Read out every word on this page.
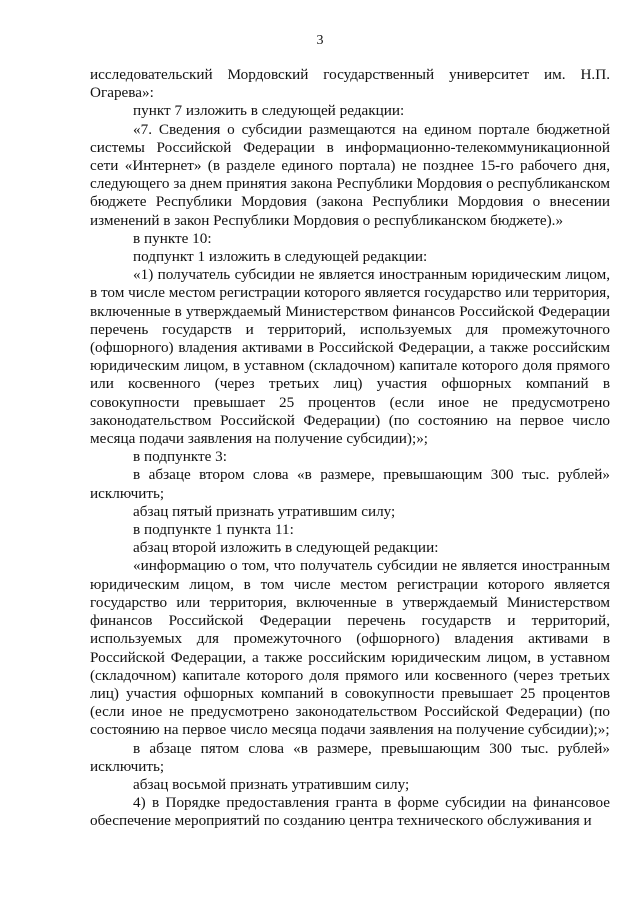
3

исследовательский Мордовский государственный университет им. Н.П. Огарева»:

пункт 7 изложить в следующей редакции:

«7. Сведения о субсидии размещаются на едином портале бюджетной системы Российской Федерации в информационно-телекоммуникационной сети «Интернет» (в разделе единого портала) не позднее 15-го рабочего дня, следующего за днем принятия закона Республики Мордовия о республиканском бюджете Республики Мордовия (закона Республики Мордовия о внесении изменений в закон Республики Мордовия о республиканском бюджете).»

в пункте 10:

подпункт 1 изложить в следующей редакции:

«1) получатель субсидии не является иностранным юридическим лицом, в том числе местом регистрации которого является государство или территория, включенные в утверждаемый Министерством финансов Российской Федерации перечень государств и территорий, используемых для промежуточного (офшорного) владения активами в Российской Федерации, а также российским юридическим лицом, в уставном (складочном) капитале которого доля прямого или косвенного (через третьих лиц) участия офшорных компаний в совокупности превышает 25 процентов (если иное не предусмотрено законодательством Российской Федерации) (по состоянию на первое число месяца подачи заявления на получение субсидии);»;

в подпункте 3:

в абзаце втором слова «в размере, превышающим 300 тыс. рублей» исключить;

абзац пятый признать утратившим силу;

в подпункте 1 пункта 11:

абзац второй изложить в следующей редакции:

«информацию о том, что получатель субсидии не является иностранным юридическим лицом, в том числе местом регистрации которого является государство или территория, включенные в утверждаемый Министерством финансов Российской Федерации перечень государств и территорий, используемых для промежуточного (офшорного) владения активами в Российской Федерации, а также российским юридическим лицом, в уставном (складочном) капитале которого доля прямого или косвенного (через третьих лиц) участия офшорных компаний в совокупности превышает 25 процентов (если иное не предусмотрено законодательством Российской Федерации) (по состоянию на первое число месяца подачи заявления на получение субсидии);»;

в абзаце пятом слова «в размере, превышающим 300 тыс. рублей» исключить;

абзац восьмой признать утратившим силу;

4) в Порядке предоставления гранта в форме субсидии на финансовое обеспечение мероприятий по созданию центра технического обслуживания и
